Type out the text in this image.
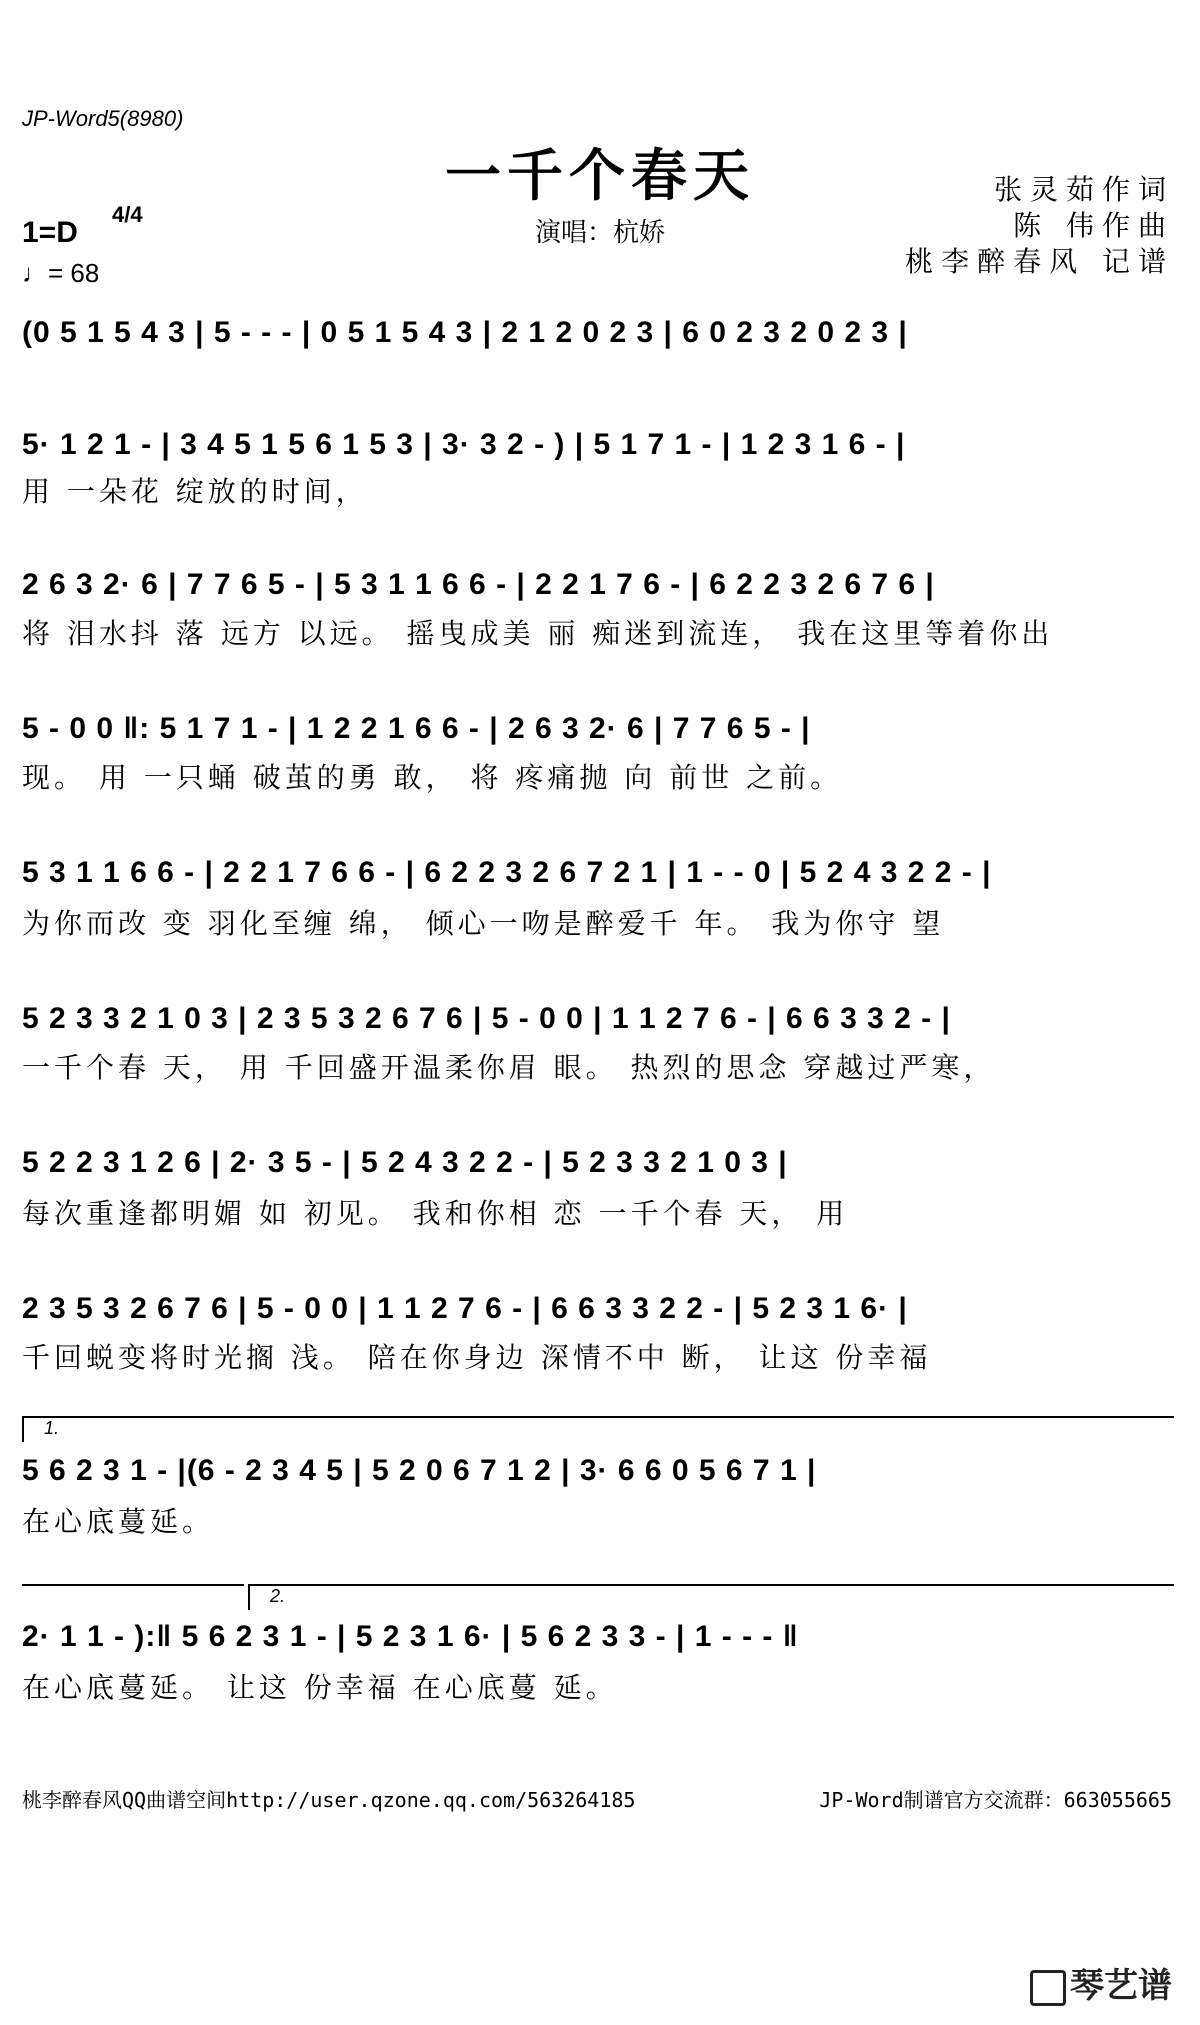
JP-Word5(8980)
一千个春天
演唱：杭娇
1=D
4/4
♩= 68
张灵茹作词
陈 伟作曲
桃李醉春风 记谱
(0 5 1 5 4 3 | 5 - - - | 0 5 1 5 4 3 | 2 1 2 0 2 3 | 6 0 2 3 2 0 2 3 |
5· 1 2 1 - | 3 4 5 1 5 6 1 5 3 | 3· 3 2 - ) | 5 1 7 1 - | 1 2 3 1 6 - |
用 一朵花 绽放的时间，
2 6 3 2· 6 | 7 7 6 5 - | 5 3 1 1 6 6 - | 2 2 1 7 6 - | 6 2 2 3 2 6 7 6 |
将 泪水抖 落 远方 以远。 摇曳成美 丽 痴迷到流连， 我在这里等着你出
5 - 0 0 ‖: 5 1 7 1 - | 1 2 2 1 6 6 - | 2 6 3 2· 6 | 7 7 6 5 - |
现。 用 一只蛹 破茧的勇 敢， 将 疼痛抛 向 前世 之前。
5 3 1 1 6 6 - | 2 2 1 7 6 6 - | 6 2 2 3 2 6 7 2 1 | 1 - - 0 | 5 2 4 3 2 2 - |
为你而改 变 羽化至缠 绵， 倾心一吻是醉爱千 年。 我为你守 望
5 2 3 3 2 1 0 3 | 2 3 5 3 2 6 7 6 | 5 - 0 0 | 1 1 2 7 6 - | 6 6 3 3 2 - |
一千个春 天， 用 千回盛开温柔你眉 眼。 热烈的思念 穿越过严寒，
5 2 2 3 1 2 6 | 2· 3 5 - | 5 2 4 3 2 2 - | 5 2 3 3 2 1 0 3 |
每次重逢都明媚 如 初见。 我和你相 恋 一千个春 天， 用
2 3 5 3 2 6 7 6 | 5 - 0 0 | 1 1 2 7 6 - | 6 6 3 3 2 2 - | 5 2 3 1 6· |
千回蜕变将时光搁 浅。 陪在你身边 深情不中 断， 让这 份幸福
1.
5 6 2 3 1 - |(6 - 2 3 4 5 | 5 2 0 6 7 1 2 | 3· 6 6 0 5 6 7 1 |
在心底蔓延。
2.
2· 1 1 - ):‖ 5 6 2 3 1 - | 5 2 3 1 6· | 5 6 2 3 3 - | 1 - - - ‖
在心底蔓延。 让这 份幸福 在心底蔓 延。
桃李醉春风QQ曲谱空间http://user.qzone.qq.com/563264185	JP-Word制谱官方交流群：663055665
琴艺谱
